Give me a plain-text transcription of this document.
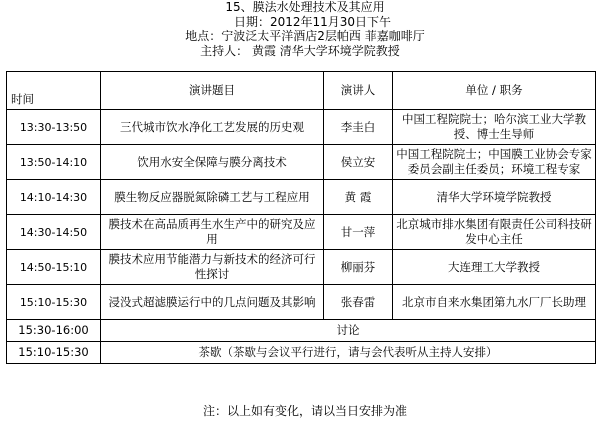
15、膜法水处理技术及其应用
日期：2012年11月30日下午
地点：宁波泛太平洋酒店2层帕西 菲嘉咖啡厅
主持人： 黄霞 清华大学环境学院教授
时间	演讲题目	演讲人	单位 / 职务
13:30-13:50	三代城市饮水净化工艺发展的历史观	李圭白	中国工程院院士；哈尔滨工业大学教授、博士生导师
13:50-14:10	饮用水安全保障与膜分离技术	侯立安	中国工程院院士；中国膜工业协会专家委员会副主任委员；环境工程专家
14:10-14:30	膜生物反应器脱氮除磷工艺与工程应用	黄 霞	清华大学环境学院教授
14:30-14:50	膜技术在高品质再生水生产中的研究及应用	甘一萍	北京城市排水集团有限责任公司科技研发中心主任
14:50-15:10	膜技术应用节能潜力与新技术的经济可行性探讨	柳丽芬	大连理工大学教授
15:10-15:30	浸没式超滤膜运行中的几点问题及其影响	张春雷	北京市自来水集团第九水厂厂长助理
15:30-16:00	讨论		
15:10-15:30	茶歇（茶歇与会议平行进行，请与会代表听从主持人安排）		
注：以上如有变化，请以当日安排为准
